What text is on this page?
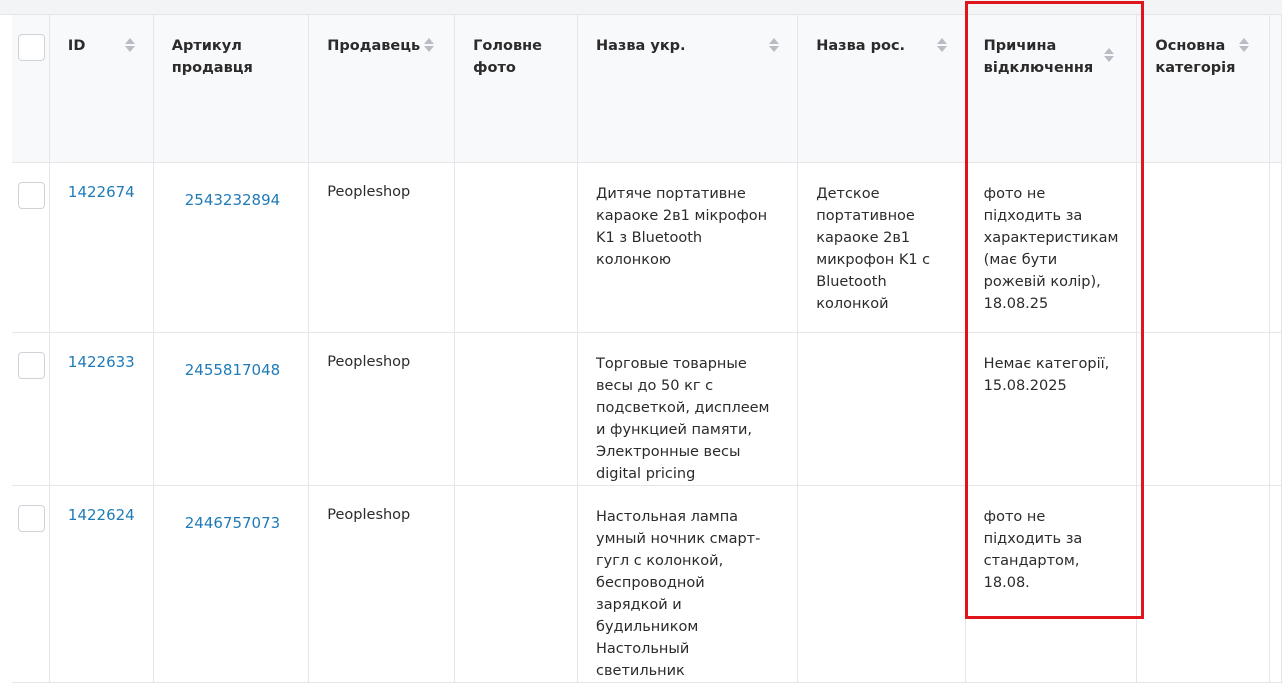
	ID	Артикул продавця	Продавець	Головне фото	Назва укр.	Назва рос.	Причина відключення	Основна категорія	

	1422674	2543232894	Peopleshop		Дитяче портативне караоке 2в1 мікрофон K1 з Bluetooth колонкою	Детское портативное караоке 2в1 микрофон K1 с Bluetooth колонкой	фото не підходить за характеристикам (має бути рожевій колір), 18.08.25		

	1422633	2455817048	Peopleshop		Торговые товарные весы до 50 кг с подсветкой, дисплеем и функцией памяти, Электронные весы digital pricing		Немає категорії, 15.08.2025		

	1422624	2446757073	Peopleshop		Настольная лампа умный ночник смарт-гугл с колонкой, беспроводной зарядкой и будильником Настольный светильник		фото не підходить за стандартом, 18.08.		
